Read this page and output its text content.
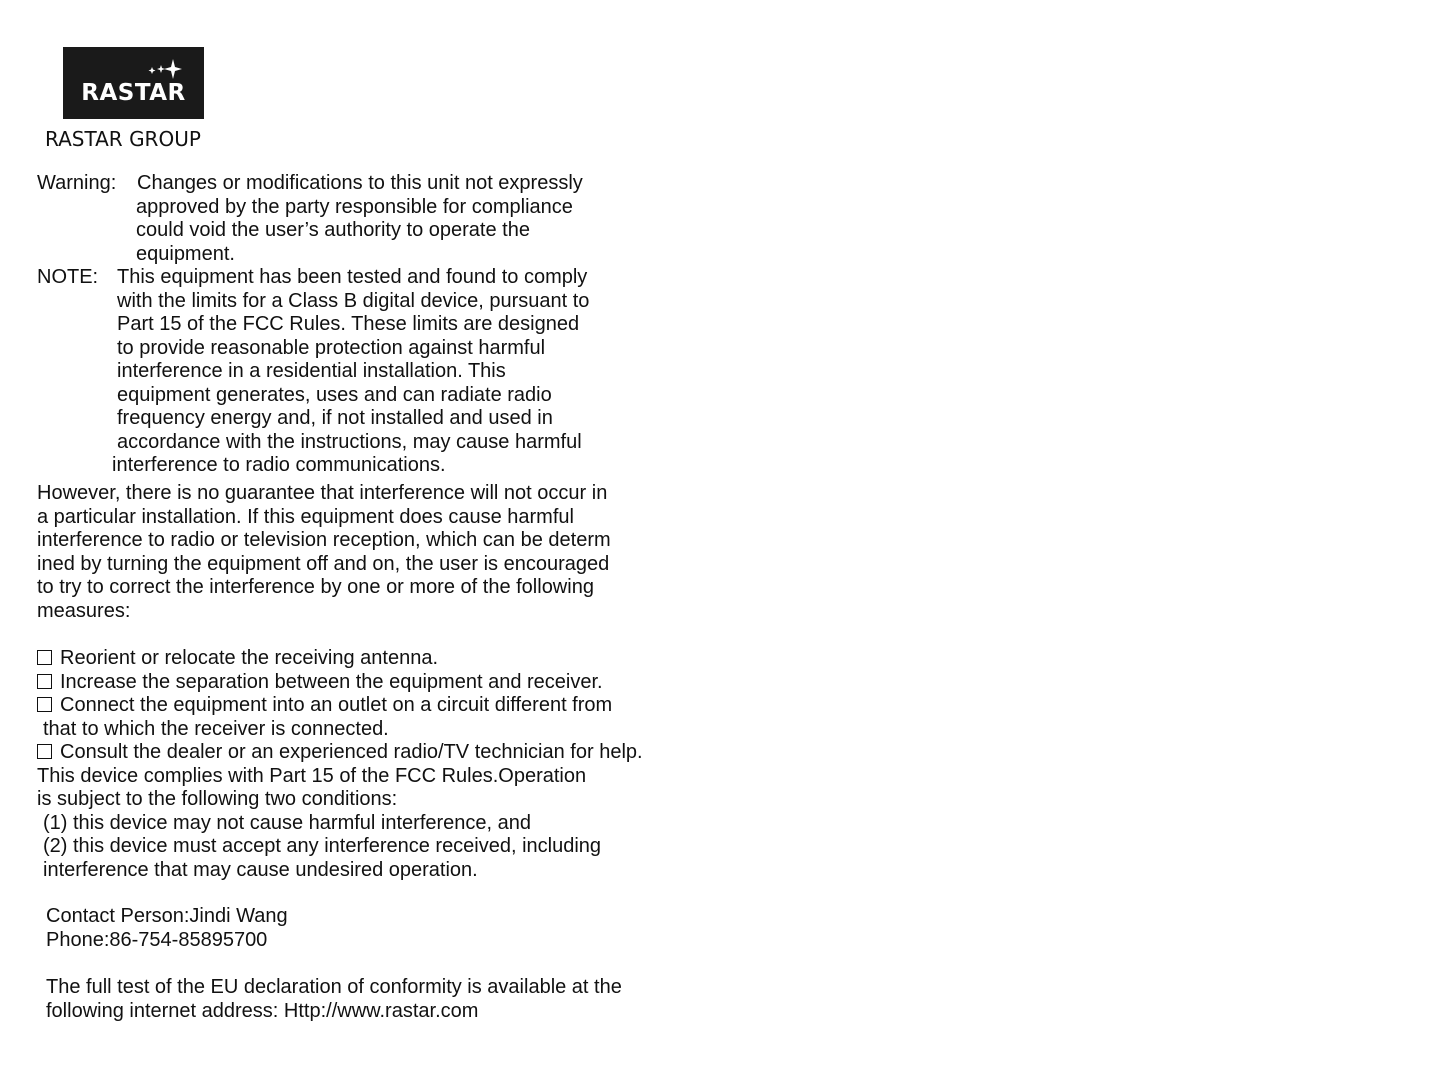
RASTAR
RASTAR GROUP
Warning: Changes or modifications to this unit not expressly
approved by the party responsible for compliance
could void the user’s authority to operate the
equipment.
NOTE: This equipment has been tested and found to comply
with the limits for a Class B digital device, pursuant to
Part 15 of the FCC Rules. These limits are designed
to provide reasonable protection against harmful
interference in a residential installation. This
equipment generates, uses and can radiate radio
frequency energy and, if not installed and used in
accordance with the instructions, may cause harmful
interference to radio communications.
However, there is no guarantee that interference will not occur in
a particular installation. If this equipment does cause harmful
interference to radio or television reception, which can be determ
ined by turning the equipment off and on, the user is encouraged
to try to correct the interference by one or more of the following
measures:
Reorient or relocate the receiving antenna.
Increase the separation between the equipment and receiver.
Connect the equipment into an outlet on a circuit different from
that to which the receiver is connected.
Consult the dealer or an experienced radio/TV technician for help.
This device complies with Part 15 of the FCC Rules.Operation
is subject to the following two conditions:
(1) this device may not cause harmful interference, and
(2) this device must accept any interference received, including
interference that may cause undesired operation.
Contact Person:Jindi Wang
Phone:86-754-85895700
The full test of the EU declaration of conformity is available at the
following internet address: Http://www.rastar.com
